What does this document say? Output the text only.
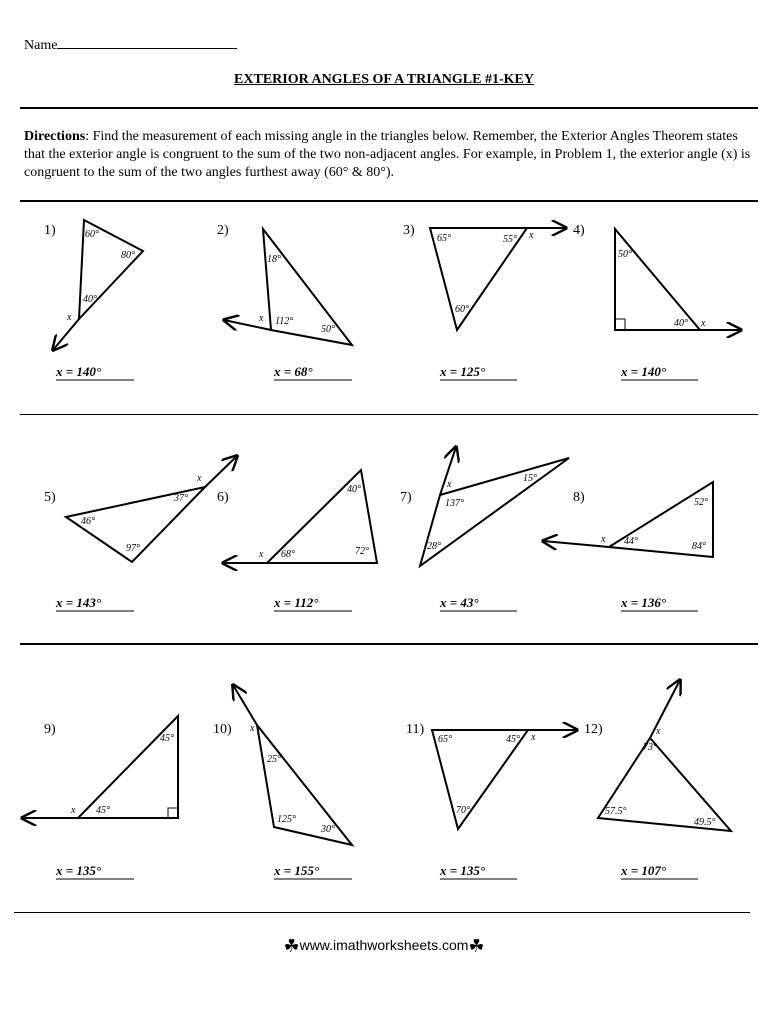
Name
EXTERIOR ANGLES OF A TRIANGLE #1-KEY
Directions: Find the measurement of each missing angle in the triangles below. Remember, the Exterior Angles Theorem states that the exterior angle is congruent to the sum of the two non-adjacent angles. For example, in Problem 1, the exterior angle (x) is congruent to the sum of the two angles furthest away (60° & 80°).
1)	2)	3)	4)
5)	6)	7)	8)
9)	10)	11)	12)
60°
80°
40°
x
18°
112°
50°
x
65°	55°
60°
x
50°
40° x
46°
37°
97°
x
40°
68°	72°
x
137°
15°
28°
x
52°
44°	84°
x
45°
45°
x
25°
125°
30°
x
65°	45°
70°
x
73°
57.5°
49.5°
x
x = 140°	x = 68°	x = 125°	x = 140°
x = 143°	x = 112°	x = 43°	x = 136°
x = 135°	x = 155°	x = 135°	x = 107°
☘www.imathworksheets.com☘
